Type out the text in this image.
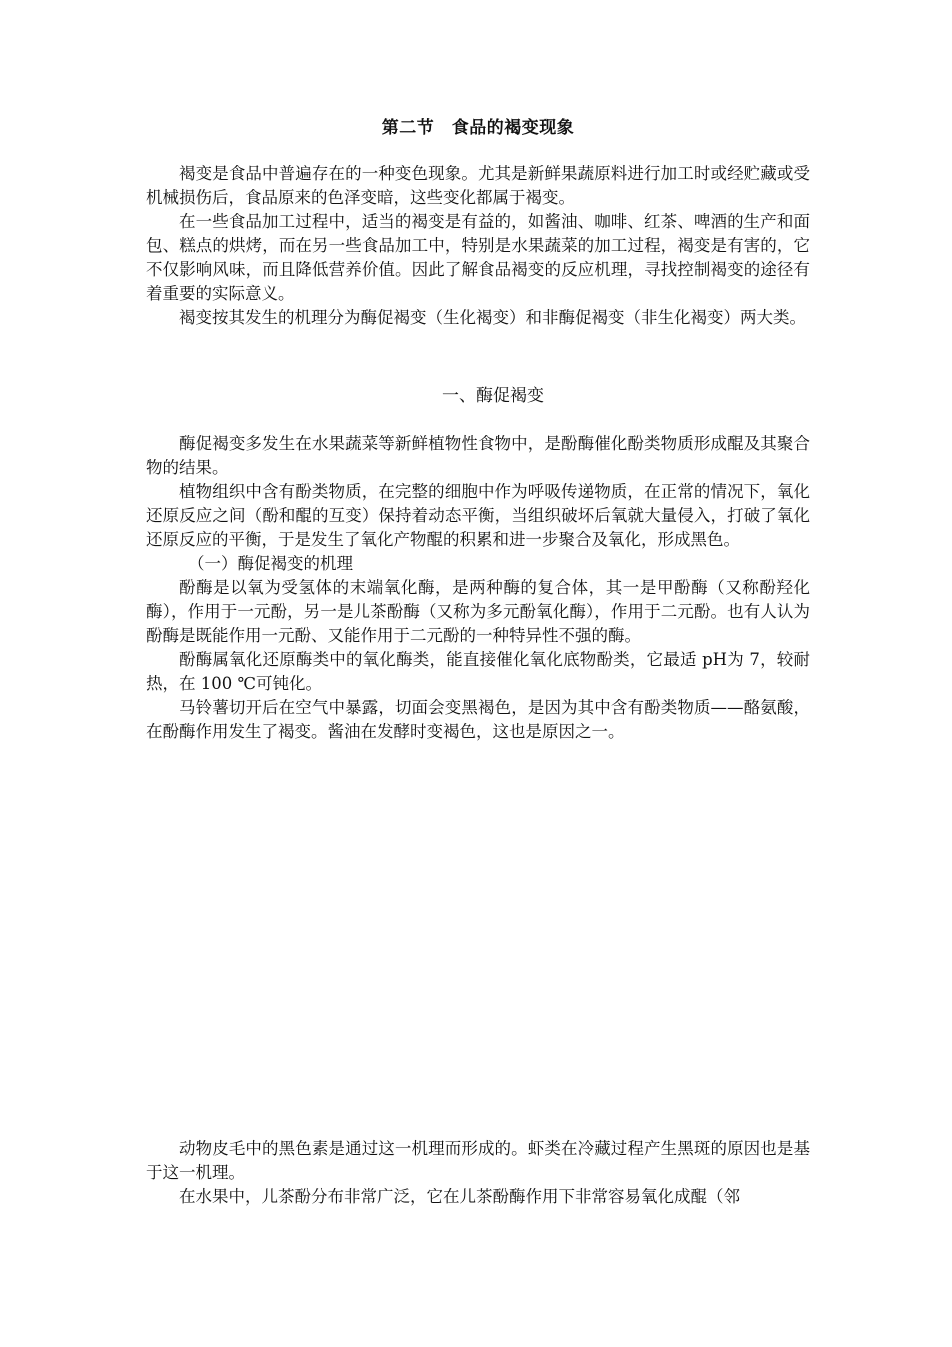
第二节　食品的褐变现象

褐变是食品中普遍存在的一种变色现象。尤其是新鲜果蔬原料进行加工时或经贮藏或受机械损伤后，食品原来的色泽变暗，这些变化都属于褐变。

在一些食品加工过程中，适当的褐变是有益的，如酱油、咖啡、红茶、啤酒的生产和面包、糕点的烘烤，而在另一些食品加工中，特别是水果蔬菜的加工过程，褐变是有害的，它不仅影响风味，而且降低营养价值。因此了解食品褐变的反应机理，寻找控制褐变的途径有着重要的实际意义。

褐变按其发生的机理分为酶促褐变（生化褐变）和非酶促褐变（非生化褐变）两大类。

一、酶促褐变

酶促褐变多发生在水果蔬菜等新鲜植物性食物中，是酚酶催化酚类物质形成醌及其聚合物的结果。

植物组织中含有酚类物质，在完整的细胞中作为呼吸传递物质，在正常的情况下，氧化还原反应之间（酚和醌的互变）保持着动态平衡，当组织破坏后氧就大量侵入，打破了氧化还原反应的平衡，于是发生了氧化产物醌的积累和进一步聚合及氧化，形成黑色。

（一）酶促褐变的机理

酚酶是以氧为受氢体的末端氧化酶，是两种酶的复合体，其一是甲酚酶（又称酚羟化酶），作用于一元酚，另一是儿茶酚酶（又称为多元酚氧化酶），作用于二元酚。也有人认为酚酶是既能作用一元酚、又能作用于二元酚的一种特异性不强的酶。

酚酶属氧化还原酶类中的氧化酶类，能直接催化氧化底物酚类，它最适 pH为 7，较耐热，在 100 ℃可钝化。

马铃薯切开后在空气中暴露，切面会变黑褐色，是因为其中含有酚类物质——酪氨酸，在酚酶作用发生了褐变。酱油在发酵时变褐色，这也是原因之一。

动物皮毛中的黑色素是通过这一机理而形成的。虾类在冷藏过程产生黑斑的原因也是基于这一机理。

在水果中，儿茶酚分布非常广泛，它在儿茶酚酶作用下非常容易氧化成醌（邻
